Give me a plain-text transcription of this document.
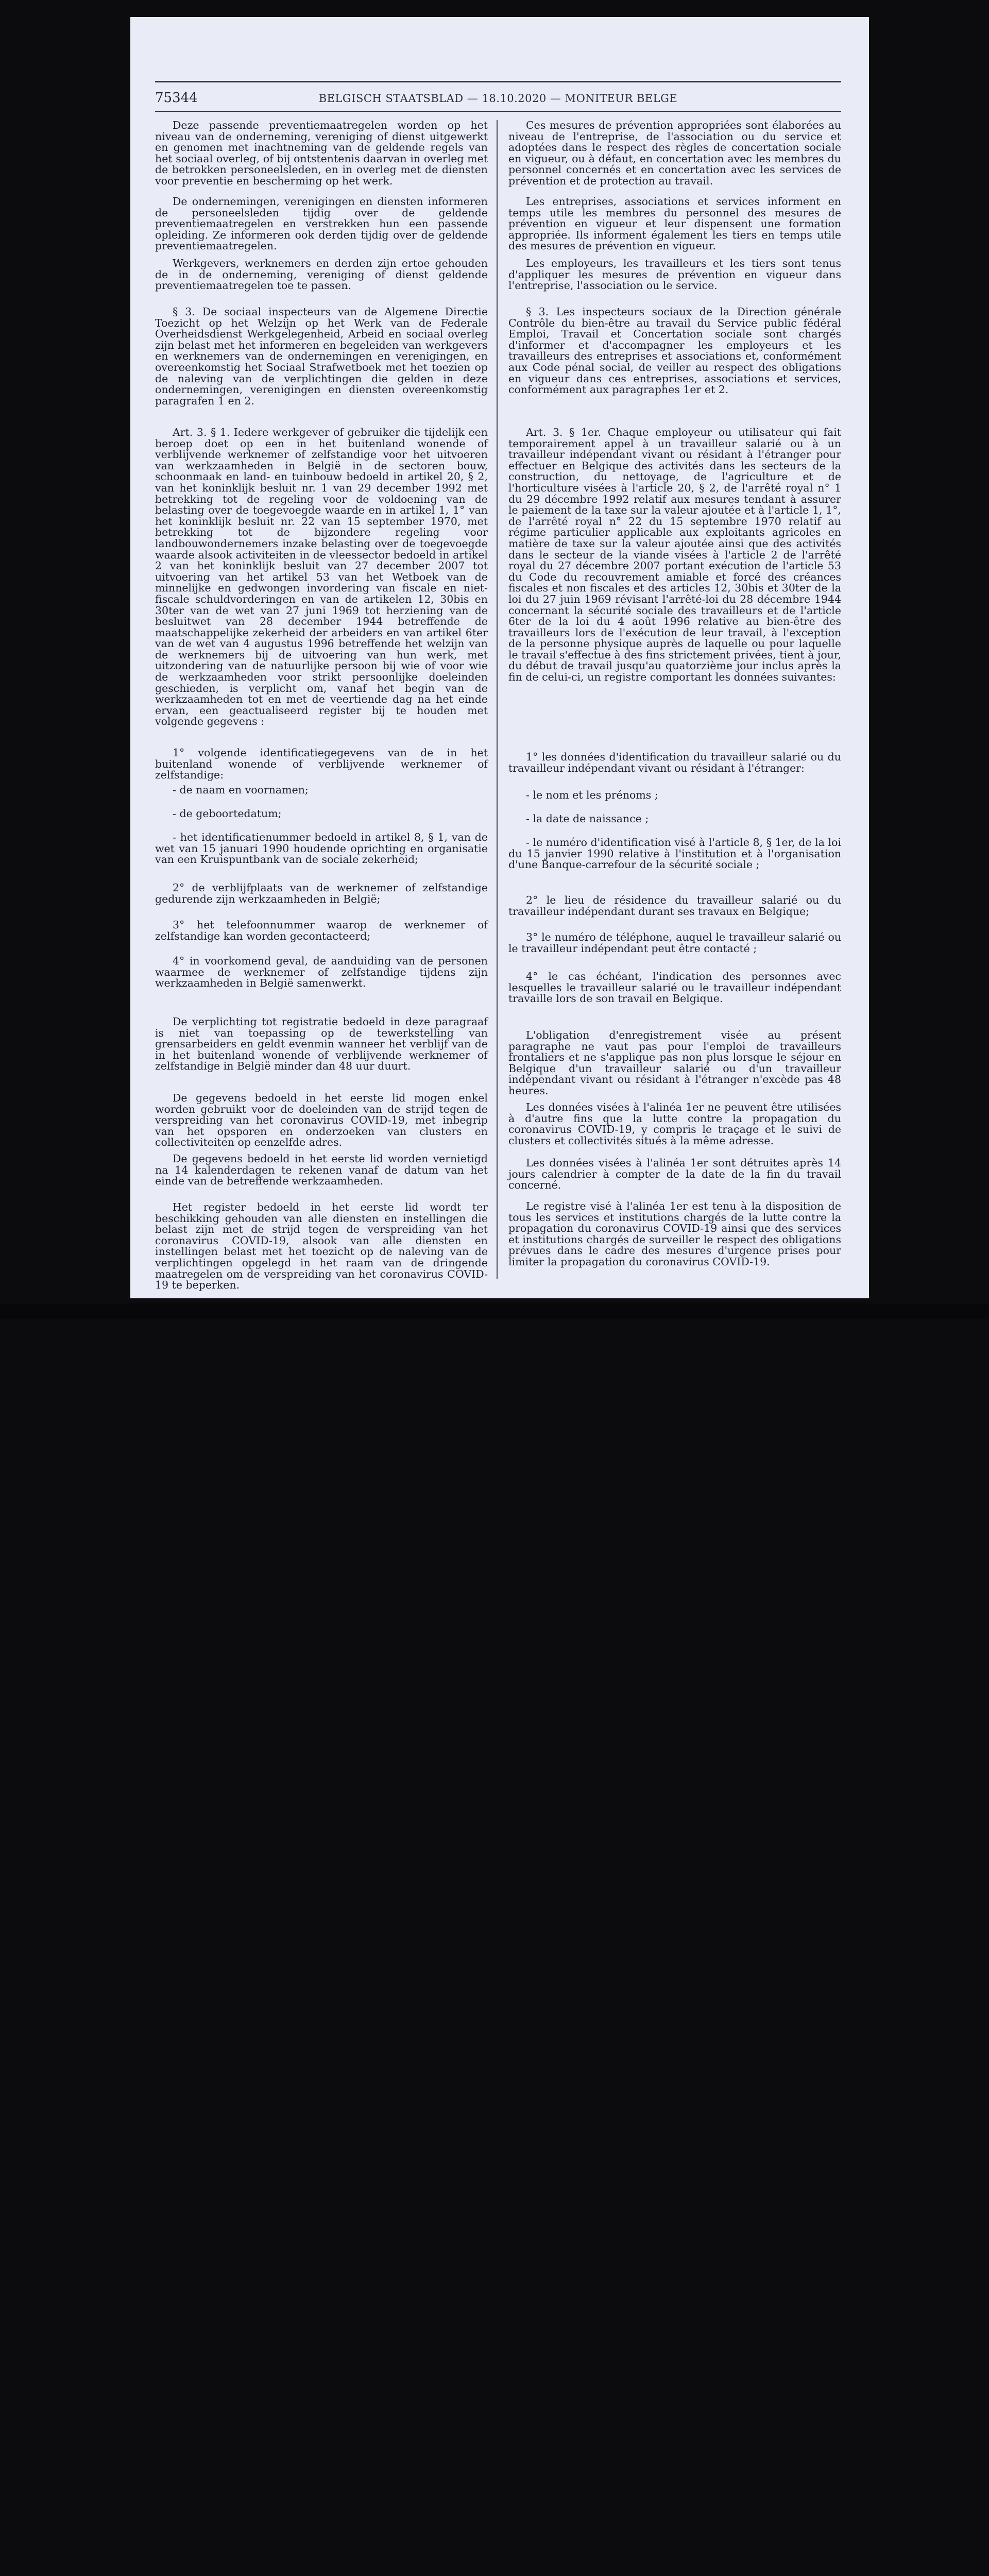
75344	BELGISCH STAATSBLAD — 18.10.2020 — MONITEUR BELGE

Deze passende preventiemaatregelen worden op het niveau van de onderneming, vereniging of dienst uitgewerkt en genomen met inachtneming van de geldende regels van het sociaal overleg, of bij ontstentenis daarvan in overleg met de betrokken personeelsleden, en in overleg met de diensten voor preventie en bescherming op het werk.

De ondernemingen, verenigingen en diensten informeren de personeelsleden tijdig over de geldende preventiemaatregelen en verstrekken hun een passende opleiding. Ze informeren ook derden tijdig over de geldende preventiemaatregelen.

Werkgevers, werknemers en derden zijn ertoe gehouden de in de onderneming, vereniging of dienst geldende preventiemaatregelen toe te passen.

§ 3. De sociaal inspecteurs van de Algemene Directie Toezicht op het Welzijn op het Werk van de Federale Overheidsdienst Werkgelegenheid, Arbeid en sociaal overleg zijn belast met het informeren en begeleiden van werkgevers en werknemers van de ondernemingen en verenigingen, en overeenkomstig het Sociaal Strafwetboek met het toezien op de naleving van de verplichtingen die gelden in deze ondernemingen, verenigingen en diensten overeenkomstig paragrafen 1 en 2.

Art. 3. § 1. Iedere werkgever of gebruiker die tijdelijk een beroep doet op een in het buitenland wonende of verblijvende werknemer of zelfstandige voor het uitvoeren van werkzaamheden in België in de sectoren bouw, schoonmaak en land- en tuinbouw bedoeld in artikel 20, § 2, van het koninklijk besluit nr. 1 van 29 december 1992 met betrekking tot de regeling voor de voldoening van de belasting over de toegevoegde waarde en in artikel 1, 1° van het koninklijk besluit nr. 22 van 15 september 1970, met betrekking tot de bijzondere regeling voor landbouwondernemers inzake belasting over de toegevoegde waarde alsook activiteiten in de vleessector bedoeld in artikel 2 van het koninklijk besluit van 27 december 2007 tot uitvoering van het artikel 53 van het Wetboek van de minnelijke en gedwongen invordering van fiscale en niet-fiscale schuldvorderingen en van de artikelen 12, 30bis en 30ter van de wet van 27 juni 1969 tot herziening van de besluitwet van 28 december 1944 betreffende de maatschappelijke zekerheid der arbeiders en van artikel 6ter van de wet van 4 augustus 1996 betreffende het welzijn van de werknemers bij de uitvoering van hun werk, met uitzondering van de natuurlijke persoon bij wie of voor wie de werkzaamheden voor strikt persoonlijke doeleinden geschieden, is verplicht om, vanaf het begin van de werkzaamheden tot en met de veertiende dag na het einde ervan, een geactualiseerd register bij te houden met volgende gegevens :

1° volgende identificatiegegevens van de in het buitenland wonende of verblijvende werknemer of zelfstandige:

- de naam en voornamen;

- de geboortedatum;

- het identificatienummer bedoeld in artikel 8, § 1, van de wet van 15 januari 1990 houdende oprichting en organisatie van een Kruispuntbank van de sociale zekerheid;

2° de verblijfplaats van de werknemer of zelfstandige gedurende zijn werkzaamheden in België;

3° het telefoonnummer waarop de werknemer of zelfstandige kan worden gecontacteerd;

4° in voorkomend geval, de aanduiding van de personen waarmee de werknemer of zelfstandige tijdens zijn werkzaamheden in België samenwerkt.

De verplichting tot registratie bedoeld in deze paragraaf is niet van toepassing op de tewerkstelling van grensarbeiders en geldt evenmin wanneer het verblijf van de in het buitenland wonende of verblijvende werknemer of zelfstandige in België minder dan 48 uur duurt.

De gegevens bedoeld in het eerste lid mogen enkel worden gebruikt voor de doeleinden van de strijd tegen de verspreiding van het coronavirus COVID-19, met inbegrip van het opsporen en onderzoeken van clusters en collectiviteiten op eenzelfde adres.

De gegevens bedoeld in het eerste lid worden vernietigd na 14 kalenderdagen te rekenen vanaf de datum van het einde van de betreffende werkzaamheden.

Het register bedoeld in het eerste lid wordt ter beschikking gehouden van alle diensten en instellingen die belast zijn met de strijd tegen de verspreiding van het coronavirus COVID-19, alsook van alle diensten en instellingen belast met het toezicht op de naleving van de verplichtingen opgelegd in het raam van de dringende maatregelen om de verspreiding van het coronavirus COVID-19 te beperken.

Ces mesures de prévention appropriées sont élaborées au niveau de l'entreprise, de l'association ou du service et adoptées dans le respect des règles de concertation sociale en vigueur, ou à défaut, en concertation avec les membres du personnel concernés et en concertation avec les services de prévention et de protection au travail.

Les entreprises, associations et services informent en temps utile les membres du personnel des mesures de prévention en vigueur et leur dispensent une formation appropriée. Ils informent également les tiers en temps utile des mesures de prévention en vigueur.

Les employeurs, les travailleurs et les tiers sont tenus d'appliquer les mesures de prévention en vigueur dans l'entreprise, l'association ou le service.

§ 3. Les inspecteurs sociaux de la Direction générale Contrôle du bien-être au travail du Service public fédéral Emploi, Travail et Concertation sociale sont chargés d'informer et d'accompagner les employeurs et les travailleurs des entreprises et associations et, conformément aux Code pénal social, de veiller au respect des obligations en vigueur dans ces entreprises, associations et services, conformément aux paragraphes 1er et 2.

Art. 3. § 1er. Chaque employeur ou utilisateur qui fait temporairement appel à un travailleur salarié ou à un travailleur indépendant vivant ou résidant à l'étranger pour effectuer en Belgique des activités dans les secteurs de la construction, du nettoyage, de l'agriculture et de l'horticulture visées à l'article 20, § 2, de l'arrêté royal n° 1 du 29 décembre 1992 relatif aux mesures tendant à assurer le paiement de la taxe sur la valeur ajoutée et à l'article 1, 1°, de l'arrêté royal n° 22 du 15 septembre 1970 relatif au régime particulier applicable aux exploitants agricoles en matière de taxe sur la valeur ajoutée ainsi que des activités dans le secteur de la viande visées à l'article 2 de l'arrêté royal du 27 décembre 2007 portant exécution de l'article 53 du Code du recouvrement amiable et forcé des créances fiscales et non fiscales et des articles 12, 30bis et 30ter de la loi du 27 juin 1969 révisant l'arrêté-loi du 28 décembre 1944 concernant la sécurité sociale des travailleurs et de l'article 6ter de la loi du 4 août 1996 relative au bien-être des travailleurs lors de l'exécution de leur travail, à l'exception de la personne physique auprès de laquelle ou pour laquelle le travail s'effectue à des fins strictement privées, tient à jour, du début de travail jusqu'au quatorzième jour inclus après la fin de celui-ci, un registre comportant les données suivantes:

1° les données d'identification du travailleur salarié ou du travailleur indépendant vivant ou résidant à l'étranger:

- le nom et les prénoms ;

- la date de naissance ;

- le numéro d'identification visé à l'article 8, § 1er, de la loi du 15 janvier 1990 relative à l'institution et à l'organisation d'une Banque-carrefour de la sécurité sociale ;

2° le lieu de résidence du travailleur salarié ou du travailleur indépendant durant ses travaux en Belgique;

3° le numéro de téléphone, auquel le travailleur salarié ou le travailleur indépendant peut être contacté ;

4° le cas échéant, l'indication des personnes avec lesquelles le travailleur salarié ou le travailleur indépendant travaille lors de son travail en Belgique.

L'obligation d'enregistrement visée au présent paragraphe ne vaut pas pour l'emploi de travailleurs frontaliers et ne s'applique pas non plus lorsque le séjour en Belgique d'un travailleur salarié ou d'un travailleur indépendant vivant ou résidant à l'étranger n'excède pas 48 heures.

Les données visées à l'alinéa 1er ne peuvent être utilisées à d'autre fins que la lutte contre la propagation du coronavirus COVID-19, y compris le traçage et le suivi de clusters et collectivités situés à la même adresse.

Les données visées à l'alinéa 1er sont détruites après 14 jours calendrier à compter de la date de la fin du travail concerné.

Le registre visé à l'alinéa 1er est tenu à la disposition de tous les services et institutions chargés de la lutte contre la propagation du coronavirus COVID-19 ainsi que des services et institutions chargés de surveiller le respect des obligations prévues dans le cadre des mesures d'urgence prises pour limiter la propagation du coronavirus COVID-19.
